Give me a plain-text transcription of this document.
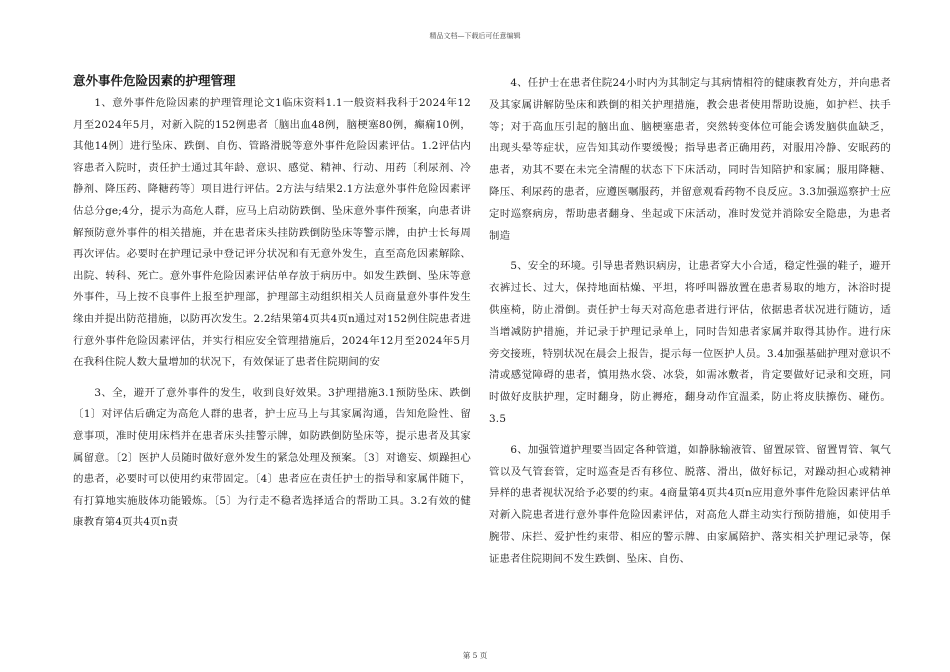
精品文档—下载后可任意编辑
意外事件危险因素的护理管理

1、意外事件危险因素的护理管理论文1临床资料1.1一般资料我科于2024年12月至2024年5月，对新入院的152例患者〔脑出血48例，脑梗塞80例，癫痫10例，其他14例〕进行坠床、跌倒、自伤、管路滑脱等意外事件危险因素评估。1.2评估内容患者入院时，责任护士通过其年龄、意识、感觉、精神、行动、用药〔利尿剂、冷静剂、降压药、降糖药等〕项目进行评估。2方法与结果2.1方法意外事件危险因素评估总分ge;4分，提示为高危人群，应马上启动防跌倒、坠床意外事件预案，向患者讲解预防意外事件的相关措施，并在患者床头挂防跌倒防坠床等警示牌，由护士长每周再次评估。必要时在护理记录中登记评分状况和有无意外发生，直至高危因素解除、出院、转科、死亡。意外事件危险因素评估单存放于病历中。如发生跌倒、坠床等意外事件，马上按不良事件上报至护理部，护理部主动组织相关人员商量意外事件发生缘由并提出防范措施，以防再次发生。2.2结果第4页共4页n通过对152例住院患者进行意外事件危险因素评估，并实行相应安全管理措施后，2024年12月至2024年5月在我科住院人数大量增加的状况下，有效保证了患者住院期间的安

3、全，避开了意外事件的发生，收到良好效果。3护理措施3.1预防坠床、跌倒〔1〕对评估后确定为高危人群的患者，护士应马上与其家属沟通，告知危险性、留意事项，准时使用床档并在患者床头挂警示牌，如防跌倒防坠床等，提示患者及其家属留意。〔2〕医护人员随时做好意外发生的紧急处理及预案。〔3〕对谵妄、烦躁担心的患者，必要时可以使用约束带固定。〔4〕患者应在责任护士的指导和家属伴随下，有打算地实施肢体功能锻炼。〔5〕为行走不稳者选择适合的帮助工具。3.2有效的健康教育第4页共4页n责

4、任护士在患者住院24小时内为其制定与其病情相符的健康教育处方，并向患者及其家属讲解防坠床和跌倒的相关护理措施，教会患者使用帮助设施，如护栏、扶手等；对于高血压引起的脑出血、脑梗塞患者，突然转变体位可能会诱发脑供血缺乏，出现头晕等症状，应告知其动作要缓慢；指导患者正确用药，对服用冷静、安眠药的患者，劝其不要在未完全清醒的状态下下床活动，同时告知陪护和家属；服用降糖、降压、利尿药的患者，应遵医嘱服药，并留意观看药物不良反应。3.3加强巡察护士应定时巡察病房，帮助患者翻身、坐起或下床活动，准时发觉并消除安全隐患，为患者制造

5、安全的环境。引导患者熟识病房，让患者穿大小合适，稳定性强的鞋子，避开衣裤过长、过大，保持地面枯燥、平坦，将呼叫器放置在患者易取的地方，沐浴时提供座椅，防止滑倒。责任护士每天对高危患者进行评估，依据患者状况进行随访，适当增减防护措施，并记录于护理记录单上，同时告知患者家属并取得其协作。进行床旁交接班，特别状况在晨会上报告，提示每一位医护人员。3.4加强基础护理对意识不清或感觉障碍的患者，慎用热水袋、冰袋，如需冰敷者，肯定要做好记录和交班，同时做好皮肤护理，定时翻身，防止褥疮，翻身动作宜温柔，防止将皮肤擦伤、碰伤。3.5

6、加强管道护理要当固定各种管道，如静脉输液管、留置尿管、留置胃管、氧气管以及气管套管，定时巡查是否有移位、脱落、滑出，做好标记，对躁动担心或精神异样的患者视状况给予必要的约束。4商量第4页共4页n应用意外事件危险因素评估单对新入院患者进行意外事件危险因素评估，对高危人群主动实行预防措施，如使用手腕带、床拦、爱护性约束带、相应的警示牌、由家属陪护、落实相关护理记录等，保证患者住院期间不发生跌倒、坠床、自伤、

第 5 页
